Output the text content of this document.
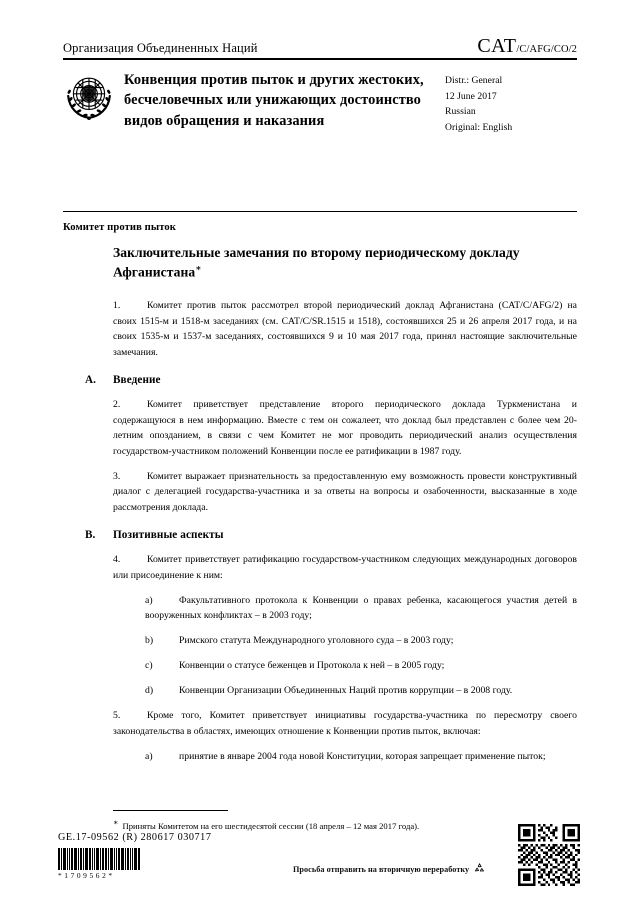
Организация Объединенных Наций	CAT /C/AFG/CO/2
Конвенция против пыток и других жестоких, бесчеловечных или унижающих достоинство видов обращения и наказания
Distr.: General
12 June 2017
Russian
Original: English
Комитет против пыток
Заключительные замечания по второму периодическому докладу Афганистана∗

1.	Комитет против пыток рассмотрел второй периодический доклад Афганистана (CAT/C/AFG/2) на своих 1515-м и 1518-м заседаниях (см. CAT/C/SR.1515 и 1518), состоявшихся 25 и 26 апреля 2017 года, и на своих 1535-м и 1537-м заседаниях, состоявшихся 9 и 10 мая 2017 года, принял настоящие заключительные замечания.

A.	Введение

2.	Комитет приветствует представление второго периодического доклада Туркменистана и содержащуюся в нем информацию. Вместе с тем он сожалеет, что доклад был представлен с более чем 20-летним опозданием, в связи с чем Комитет не мог проводить периодический анализ осуществления государством-участником положений Конвенции после ее ратификации в 1987 году.

3.	Комитет выражает признательность за предоставленную ему возможность провести конструктивный диалог с делегацией государства-участника и за ответы на вопросы и озабоченности, высказанные в ходе рассмотрения доклада.

B.	Позитивные аспекты

4.	Комитет приветствует ратификацию государством-участником следующих международных договоров или присоединение к ним:

a)	Факультативного протокола к Конвенции о правах ребенка, касающегося участия детей в вооруженных конфликтах – в 2003 году;

b)	Римского статута Международного уголовного суда – в 2003 году;

c)	Конвенции о статусе беженцев и Протокола к ней – в 2005 году;

d)	Конвенции Организации Объединенных Наций против коррупции – в 2008 году.

5.	Кроме того, Комитет приветствует инициативы государства-участника по пересмотру своего законодательства в областях, имеющих отношение к Конвенции против пыток, включая:

a)	принятие в январе 2004 года новой Конституции, которая запрещает применение пыток;

∗ Приняты Комитетом на его шестидесятой сессии (18 апреля – 12 мая 2017 года).
GE.17-09562 (R) 280617 030717
*1709562*
Просьба отправить на вторичную переработку
